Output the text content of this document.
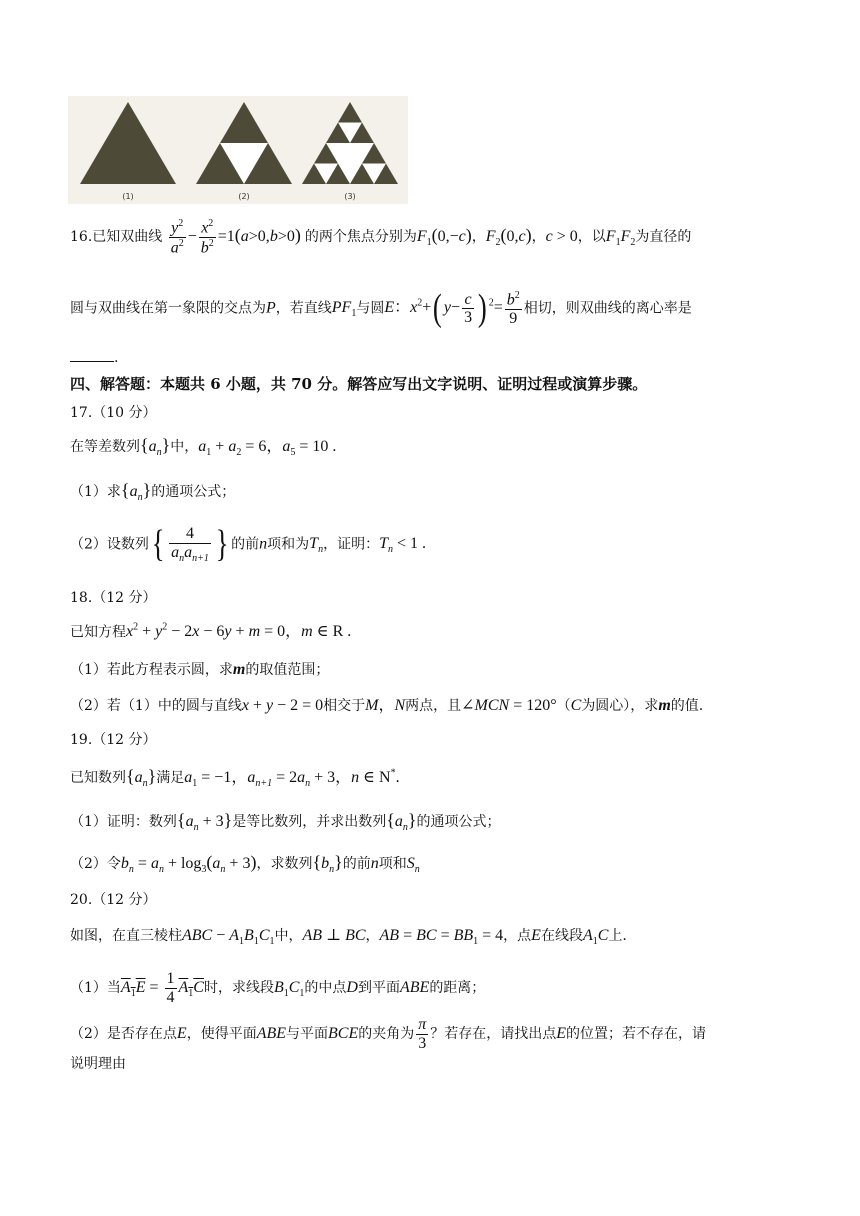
(1)	(2)	(3)
16.已知双曲线 $\frac{y^2}{a^2} - \frac{x^2}{b^2} =1(a>0,b>0)$ 的两个焦点分别为$F_1(0,-c)$，$F_2(0,c)$，c > 0，以$F_1F_2$为直径的
圆与双曲线在第一象限的交点为P，若直线$PF_1$与圆E：$x^2+$( $y- \frac{c}{3}$ ) $^2= \frac{b^2}{9}$ 相切，则双曲线的离心率是
.
四、解答题：本题共 6 小题，共 70 分。解答应写出文字说明、证明过程或演算步骤。
17.（10 分）
在等差数列$\{a_n\}$中，$a_1 + a_2 = 6$，$a_5 = 10$ .
（1）求$\{a_n\}$的通项公式；
（2）设数列{ $\frac{4}{a_na_{n+1}}$ } 的前n项和为$T_n$，证明：$T_n < 1$ .
18.（12 分）
已知方程$x^2 + y^2 - 2x - 6y + m = 0$，m ∈ R .
（1）若此方程表示圆，求m的取值范围；
（2）若（1）中的圆与直线x + y − 2 = 0相交于M，N两点，且∠MCN = 120°（C为圆心），求m的值.
19.（12 分）
已知数列$\{a_n\}$满足$a_1 = -1$，$a_{n+1} = 2a_n + 3$，n ∈ N*.
（1）证明：数列$\{a_n + 3\}$是等比数列，并求出数列$\{a_n\}$的通项公式；
（2）令$b_n = a_n + \log_3(a_n + 3)$，求数列$\{b_n\}$的前n项和$S_n$
20.（12 分）
如图，在直三棱柱ABC − $A_1B_1C_1$中，AB ⊥ BC，AB = BC = $BB_1 = 4$，点E在线段$A_1C$上.
（1）当$A_1E = \frac{1}{4} A_1C$时，求线段$B_1C_1$的中点D到平面ABE的距离；
（2）是否存在点E，使得平面ABE与平面BCE的夹角为 $\frac{\pi}{3}$ ？若存在，请找出点E的位置；若不存在，请
说明理由
